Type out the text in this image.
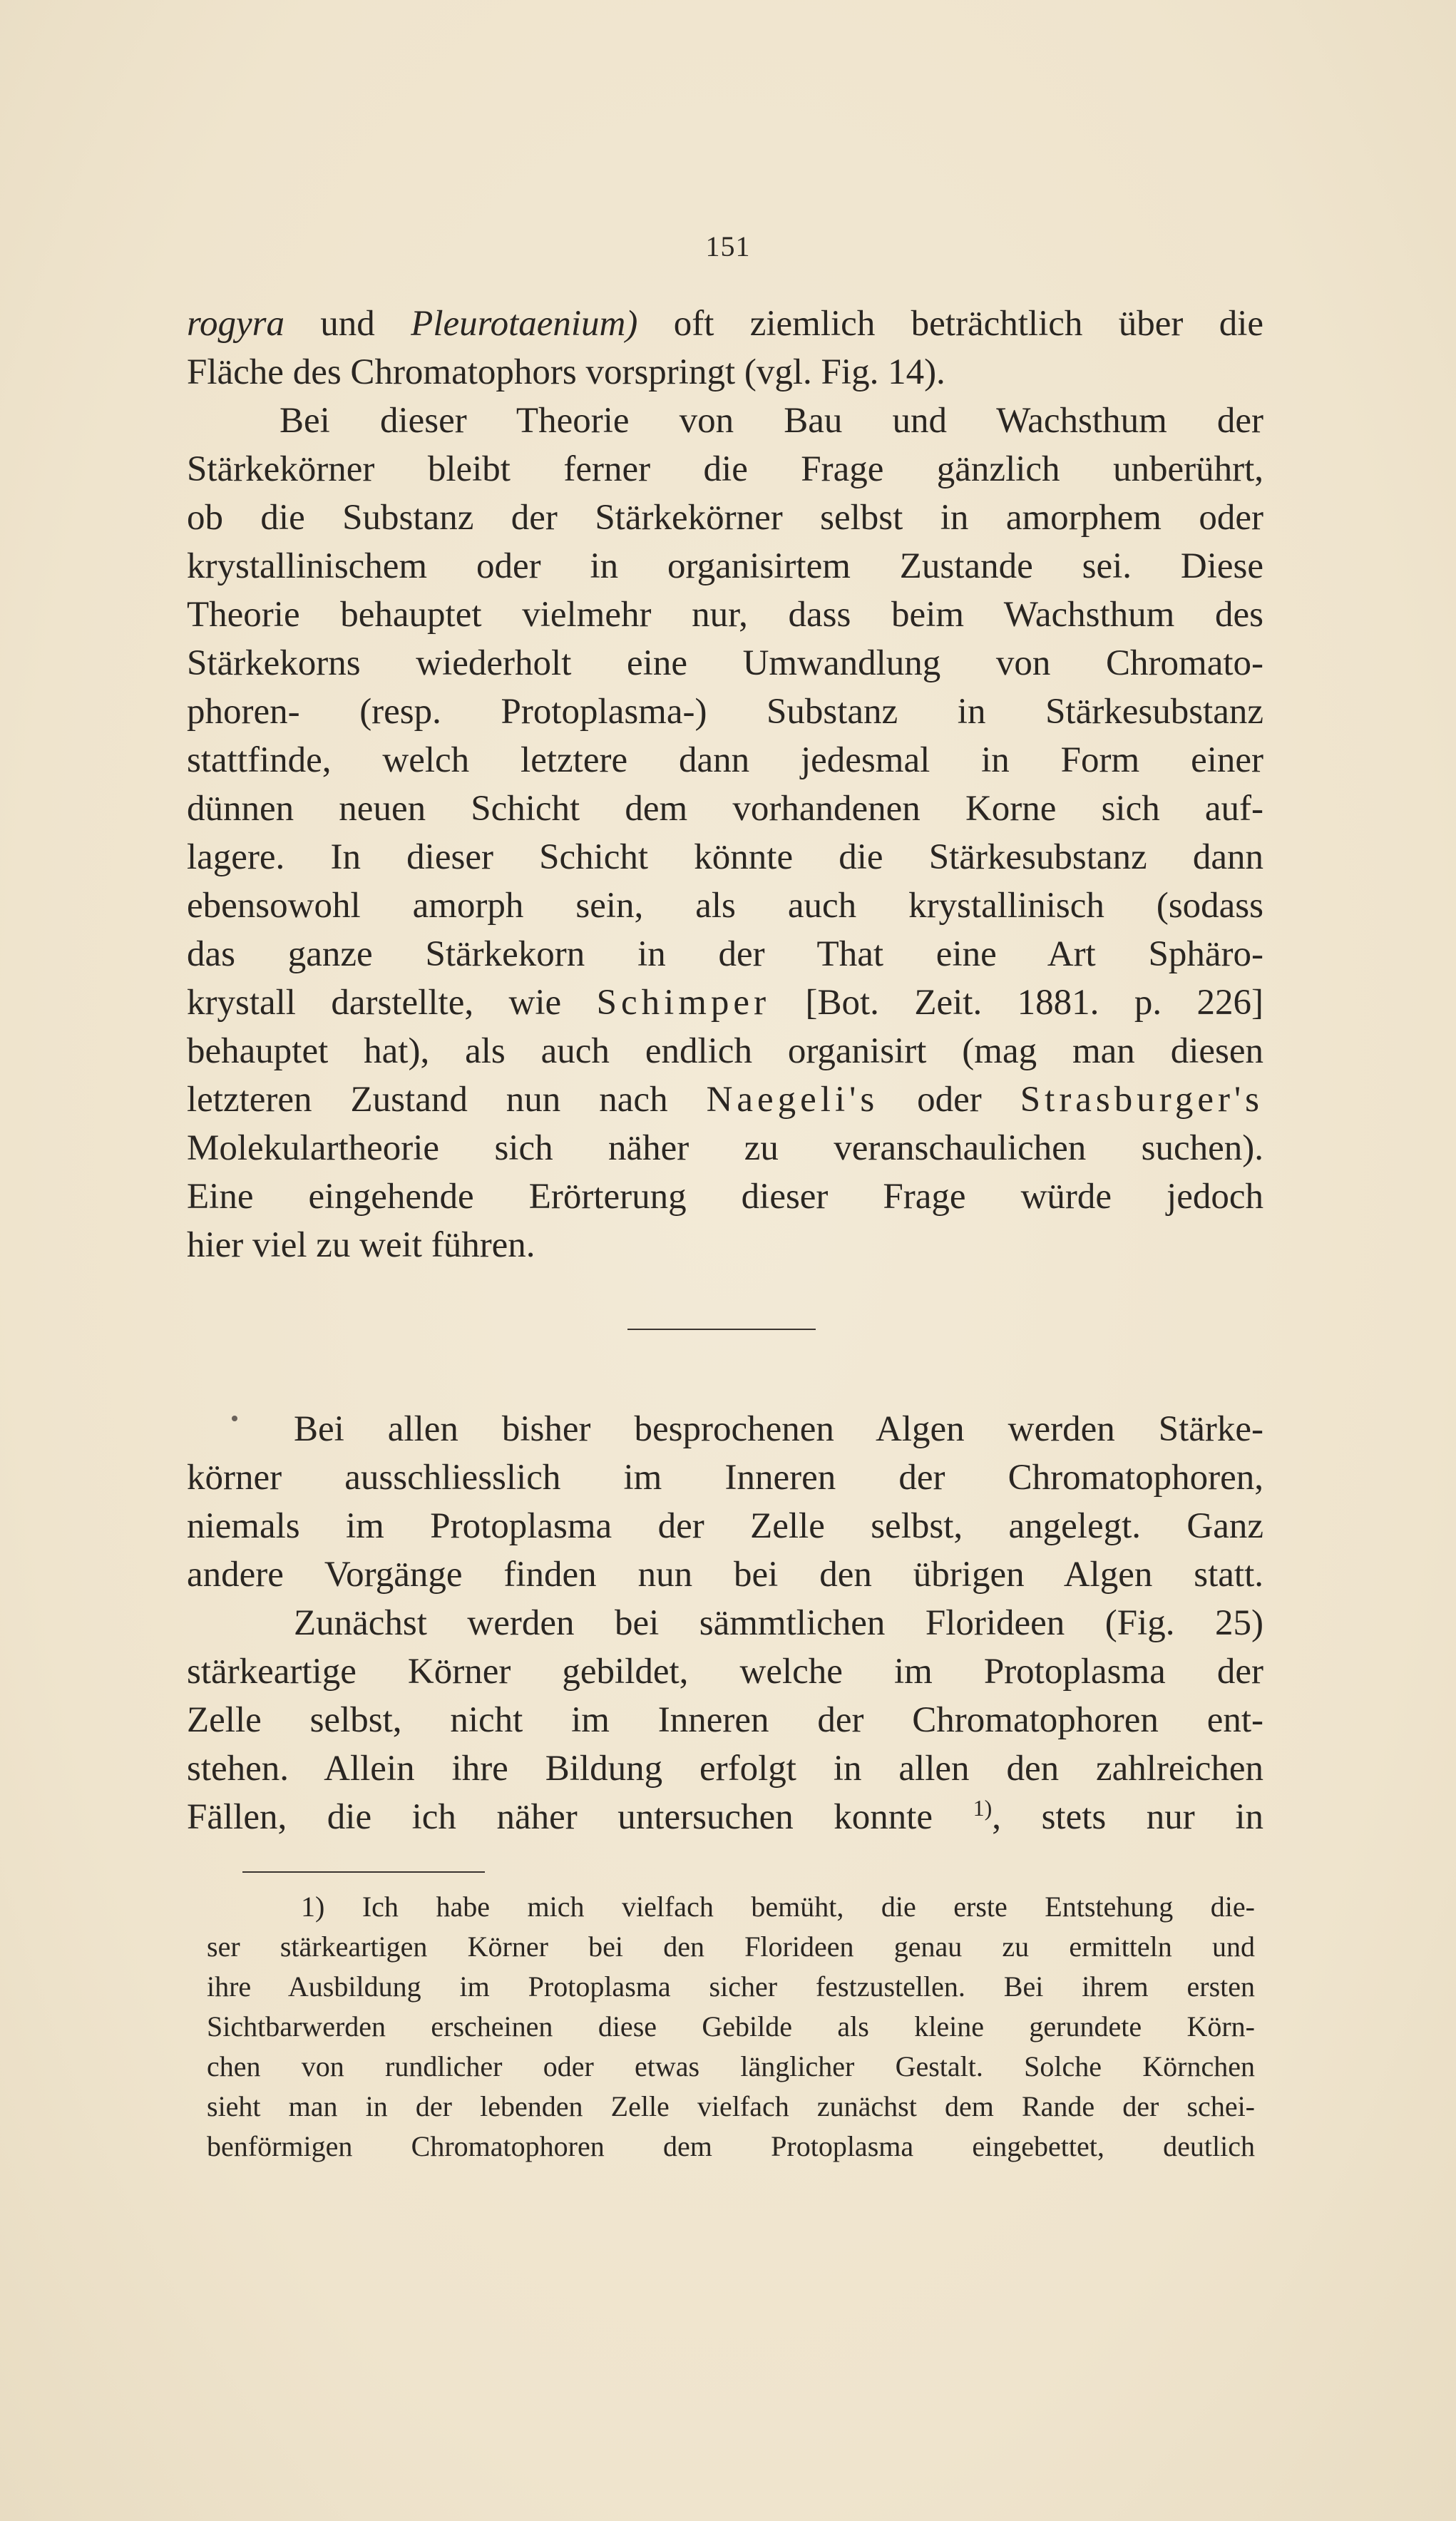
151
rogyra und Pleurotaenium) oft ziemlich beträchtlich über die
Fläche des Chromatophors vorspringt (vgl. Fig. 14).
Bei dieser Theorie von Bau und Wachsthum der
Stärkekörner bleibt ferner die Frage gänzlich unberührt,
ob die Substanz der Stärkekörner selbst in amorphem oder
krystallinischem oder in organisirtem Zustande sei. Diese
Theorie behauptet vielmehr nur, dass beim Wachsthum des
Stärkekorns wiederholt eine Umwandlung von Chromato-
phoren- (resp. Protoplasma-) Substanz in Stärkesubstanz
stattfinde, welch letztere dann jedesmal in Form einer
dünnen neuen Schicht dem vorhandenen Korne sich auf-
lagere. In dieser Schicht könnte die Stärkesubstanz dann
ebensowohl amorph sein, als auch krystallinisch (sodass
das ganze Stärkekorn in der That eine Art Sphäro-
krystall darstellte, wie Schimper [Bot. Zeit. 1881. p. 226]
behauptet hat), als auch endlich organisirt (mag man diesen
letzteren Zustand nun nach Naegeli's oder Strasburger's
Molekulartheorie sich näher zu veranschaulichen suchen).
Eine eingehende Erörterung dieser Frage würde jedoch
hier viel zu weit führen.
Bei allen bisher besprochenen Algen werden Stärke-
körner ausschliesslich im Inneren der Chromatophoren,
niemals im Protoplasma der Zelle selbst, angelegt. Ganz
andere Vorgänge finden nun bei den übrigen Algen statt.
Zunächst werden bei sämmtlichen Florideen (Fig. 25)
stärkeartige Körner gebildet, welche im Protoplasma der
Zelle selbst, nicht im Inneren der Chromatophoren ent-
stehen. Allein ihre Bildung erfolgt in allen den zahlreichen
Fällen, die ich näher untersuchen konnte $^{1)}$, stets nur in
1) Ich habe mich vielfach bemüht, die erste Entstehung die-
ser stärkeartigen Körner bei den Florideen genau zu ermitteln und
ihre Ausbildung im Protoplasma sicher festzustellen. Bei ihrem ersten
Sichtbarwerden erscheinen diese Gebilde als kleine gerundete Körn-
chen von rundlicher oder etwas länglicher Gestalt. Solche Körnchen
sieht man in der lebenden Zelle vielfach zunächst dem Rande der schei-
benförmigen Chromatophoren dem Protoplasma eingebettet, deutlich
